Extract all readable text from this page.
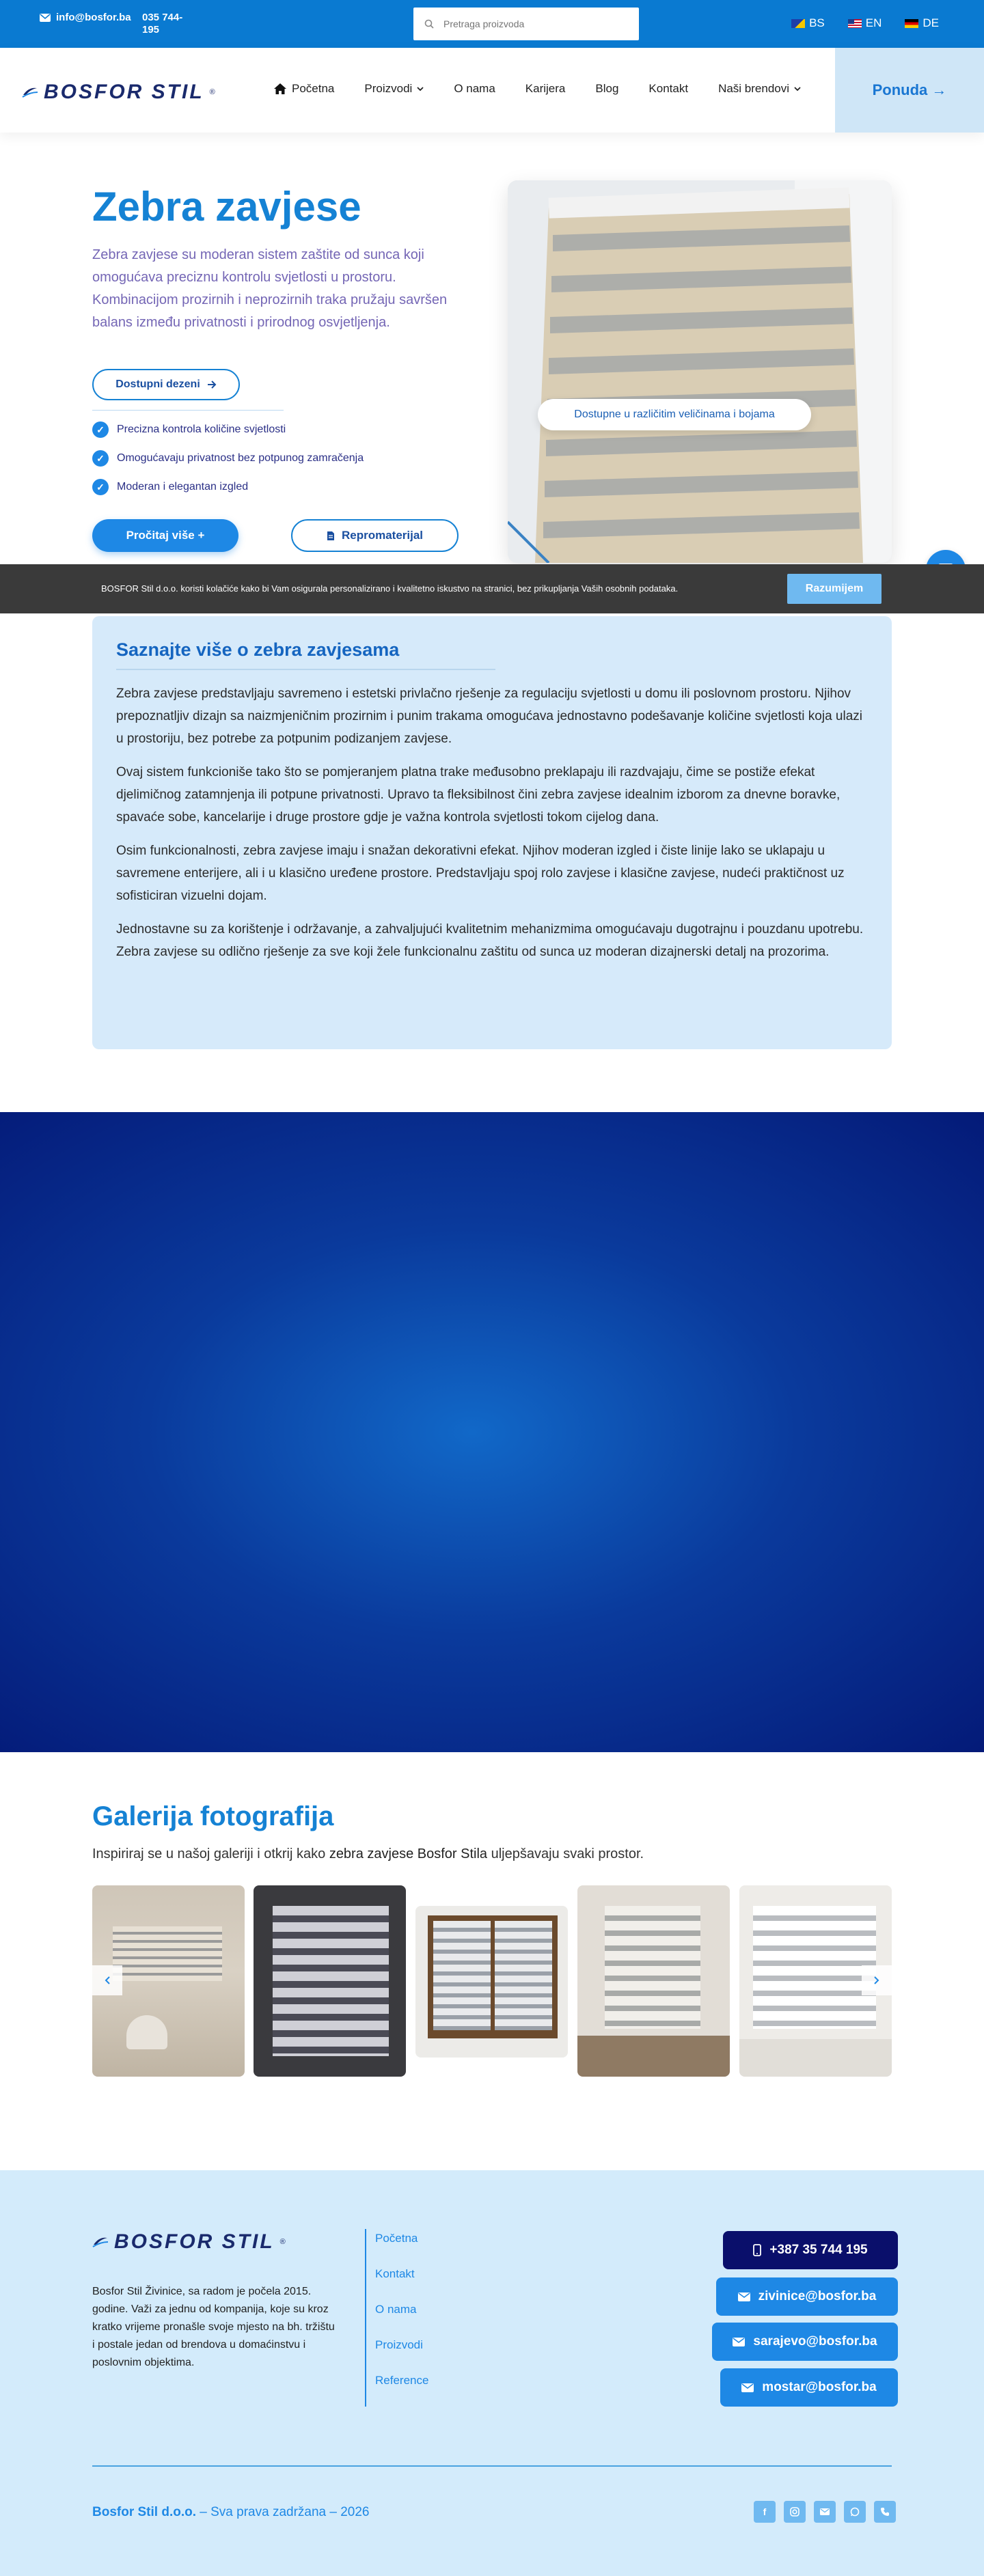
info@bosfor.ba 035 744-195
Pretraga proizvoda
BS	EN	DE
BOSFOR STIL ®	Početna	Proizvodi	O nama	Karijera	Blog	Kontakt	Naši brendovi	Ponuda →
Zebra zavjese

Zebra zavjese su moderan sistem zaštite od sunca koji omogućava preciznu kontrolu svjetlosti u prostoru. Kombinacijom prozirnih i neprozirnih traka pružaju savršen balans između privatnosti i prirodnog osvjetljenja.

Dostupni dezeni
✓	Precizna kontrola količine svjetlosti
✓	Omogućavaju privatnost bez potpunog zamračenja
✓	Moderan i elegantan izgled
Pročitaj više +	Repromaterijal
Dostupne u različitim veličinama i bojama
BOSFOR Stil d.o.o. koristi kolačiće kako bi Vam osigurala personalizirano i kvalitetno iskustvo na stranici, bez prikupljanja Vaših osobnih podataka.	Razumijem
Saznajte više o zebra zavjesama

Zebra zavjese predstavljaju savremeno i estetski privlačno rješenje za regulaciju svjetlosti u domu ili poslovnom prostoru. Njihov prepoznatljiv dizajn sa naizmjeničnim prozirnim i punim trakama omogućava jednostavno podešavanje količine svjetlosti koja ulazi u prostoriju, bez potrebe za potpunim podizanjem zavjese.

Ovaj sistem funkcioniše tako što se pomjeranjem platna trake međusobno preklapaju ili razdvajaju, čime se postiže efekat djelimičnog zatamnjenja ili potpune privatnosti. Upravo ta fleksibilnost čini zebra zavjese idealnim izborom za dnevne boravke, spavaće sobe, kancelarije i druge prostore gdje je važna kontrola svjetlosti tokom cijelog dana.

Osim funkcionalnosti, zebra zavjese imaju i snažan dekorativni efekat. Njihov moderan izgled i čiste linije lako se uklapaju u savremene enterijere, ali i u klasično uređene prostore. Predstavljaju spoj rolo zavjese i klasične zavjese, nudeći praktičnost uz sofisticiran vizuelni dojam.

Jednostavne su za korištenje i održavanje, a zahvaljujući kvalitetnim mehanizmima omogućavaju dugotrajnu i pouzdanu upotrebu. Zebra zavjese su odlično rješenje za sve koji žele funkcionalnu zaštitu od sunca uz moderan dizajnerski detalj na prozorima.

Galerija fotografija

Inspiriraj se u našoj galeriji i otkrij kako zebra zavjese Bosfor Stila uljepšavaju svaki prostor.

BOSFOR STIL ®

Bosfor Stil Živinice, sa radom je počela 2015. godine. Važi za jednu od kompanija, koje su kroz kratko vrijeme pronašle svoje mjesto na bh. tržištu i postale jedan od brendova u domaćinstvu i poslovnim objektima.

Početna
Kontakt
O nama
Proizvodi
Reference
+387 35 744 195
zivinice@bosfor.ba
sarajevo@bosfor.ba
mostar@bosfor.ba
Bosfor Stil d.o.o. – Sva prava zadržana – 2026	f
